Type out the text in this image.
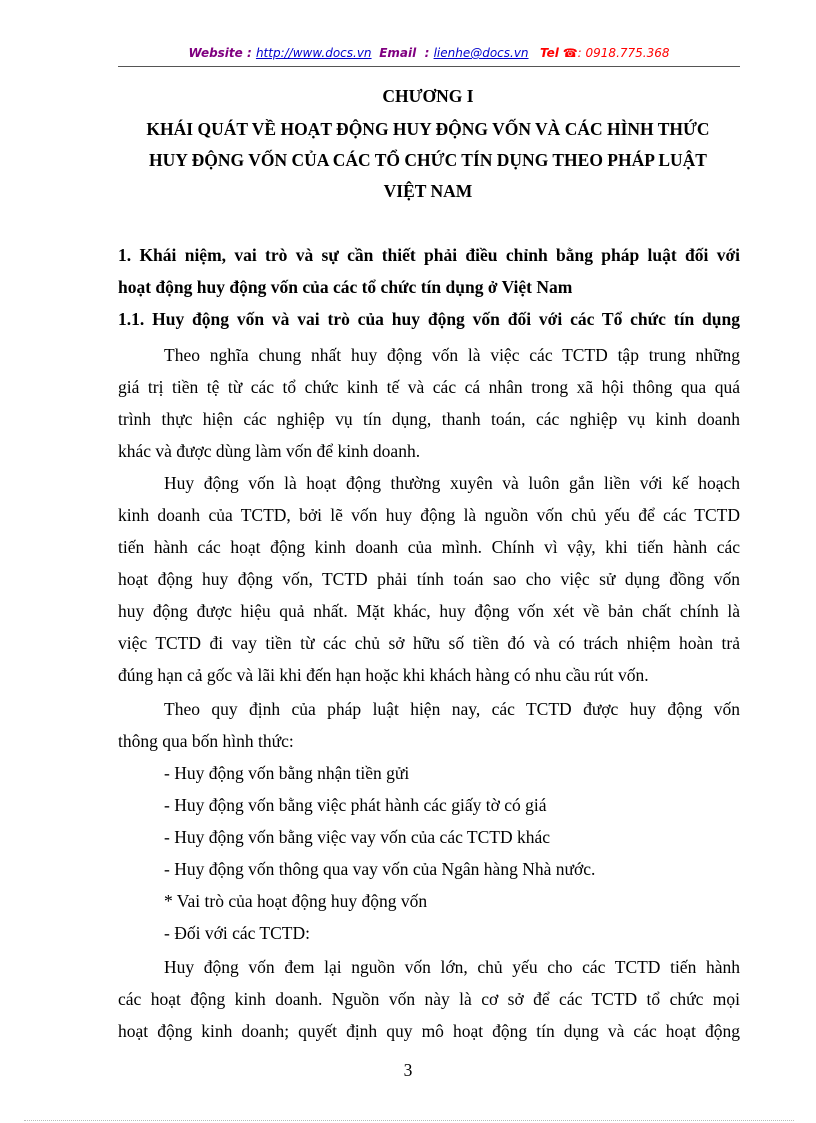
Website : http://www.docs.vn Email  : lienhe@docs.vn Tel ☎: 0918.775.368
CHƯƠNG I
KHÁI QUÁT VỀ HOẠT ĐỘNG HUY ĐỘNG VỐN VÀ CÁC HÌNH THỨC
HUY ĐỘNG VỐN CỦA CÁC TỔ CHỨC TÍN DỤNG THEO PHÁP LUẬT
VIỆT NAM
1. Khái niệm, vai trò và sự cần thiết phải điều chỉnh bằng pháp luật đối với
hoạt động huy động vốn của các tổ chức tín dụng ở Việt Nam
1.1. Huy động vốn và vai trò của huy động vốn đối với các Tổ chức tín dụng
Theo nghĩa chung nhất huy động vốn là việc các TCTD tập trung những
giá trị tiền tệ từ các tổ chức kinh tế và các cá nhân trong xã hội thông qua quá
trình thực hiện các nghiệp vụ tín dụng, thanh toán, các nghiệp vụ kinh doanh
khác và được dùng làm vốn để kinh doanh.
Huy động vốn là hoạt động thường xuyên và luôn gắn liền với kế hoạch
kinh doanh của TCTD, bởi lẽ vốn huy động là nguồn vốn chủ yếu để các TCTD
tiến hành các hoạt động kinh doanh của mình. Chính vì vậy, khi tiến hành các
hoạt động huy động vốn, TCTD phải tính toán sao cho việc sử dụng đồng vốn
huy động được hiệu quả nhất. Mặt khác, huy động vốn xét về bản chất chính là
việc TCTD đi vay tiền từ các chủ sở hữu số tiền đó và có trách nhiệm hoàn trả
đúng hạn cả gốc và lãi khi đến hạn hoặc khi khách hàng có nhu cầu rút vốn.
Theo quy định của pháp luật hiện nay, các TCTD được huy động vốn
thông qua bốn hình thức:
- Huy động vốn bằng nhận tiền gửi
- Huy động vốn bằng việc phát hành các giấy tờ có giá
- Huy động vốn bằng việc vay vốn của các TCTD khác
- Huy động vốn thông qua vay vốn của Ngân hàng Nhà nước.
* Vai trò của hoạt động huy động vốn
- Đối với các TCTD:
Huy động vốn đem lại nguồn vốn lớn, chủ yếu cho các TCTD tiến hành
các hoạt động kinh doanh. Nguồn vốn này là cơ sở để các TCTD tổ chức mọi
hoạt động kinh doanh; quyết định quy mô hoạt động tín dụng và các hoạt động
3
